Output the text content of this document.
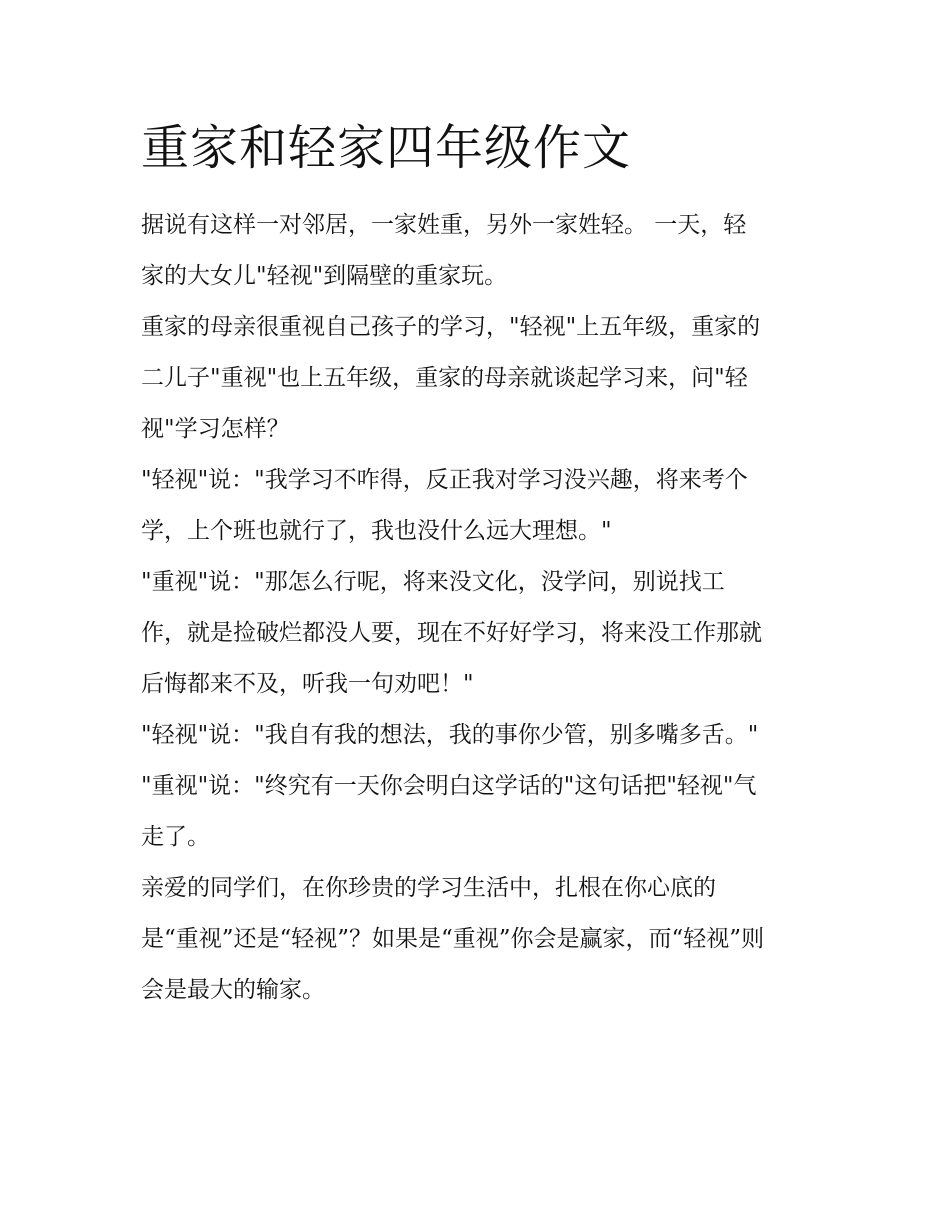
重家和轻家四年级作文
据说有这样一对邻居，一家姓重，另外一家姓轻。 一天，轻
家的大女儿"轻视"到隔壁的重家玩。
重家的母亲很重视自己孩子的学习，"轻视"上五年级，重家的
二儿子"重视"也上五年级，重家的母亲就谈起学习来，问"轻
视"学习怎样？
"轻视"说："我学习不咋得，反正我对学习没兴趣，将来考个
学，上个班也就行了，我也没什么远大理想。"
"重视"说："那怎么行呢，将来没文化，没学问，别说找工
作，就是捡破烂都没人要，现在不好好学习，将来没工作那就
后悔都来不及，听我一句劝吧！"
"轻视"说："我自有我的想法，我的事你少管，别多嘴多舌。"
"重视"说："终究有一天你会明白这学话的"这句话把"轻视"气
走了。
亲爱的同学们，在你珍贵的学习生活中，扎根在你心底的
是“重视”还是“轻视”？如果是“重视”你会是赢家，而“轻视”则
会是最大的输家。
